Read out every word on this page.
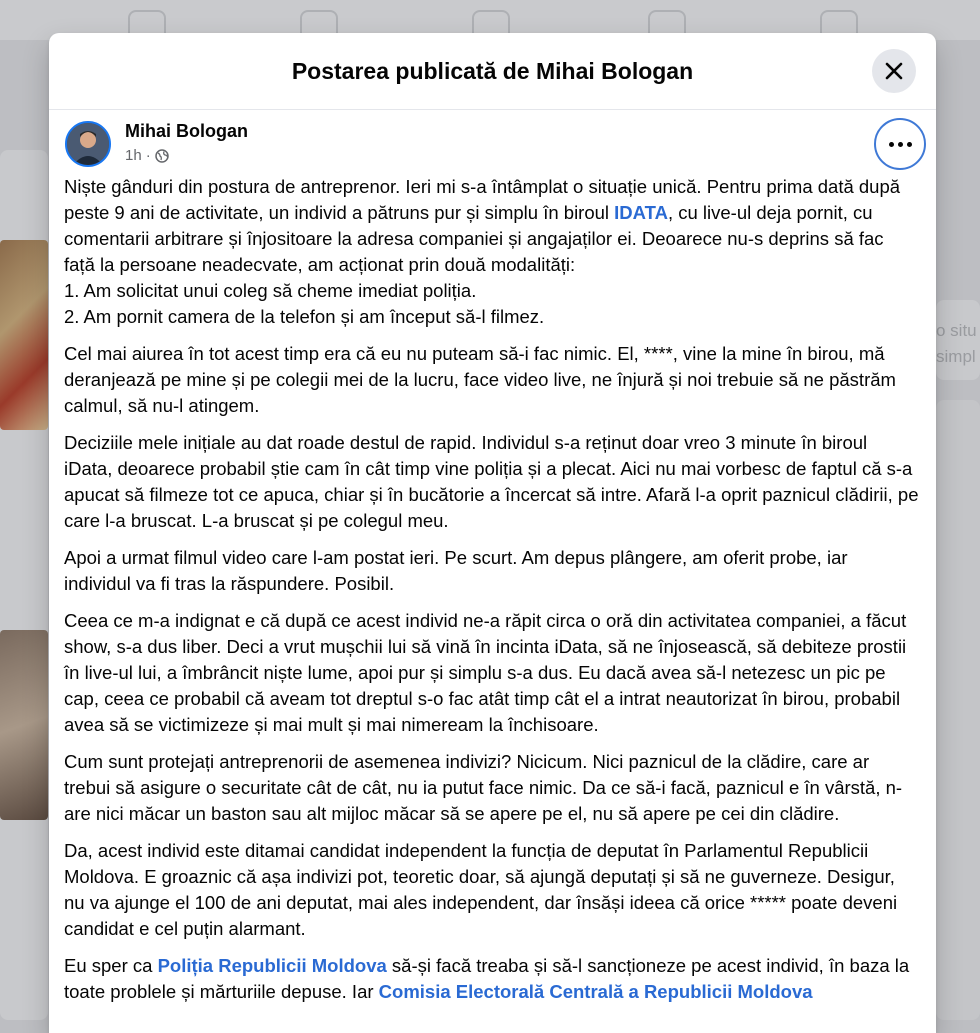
o situ
simpl
Postarea publicată de Mihai Bologan
Mihai Bologan
1h ·

Niște gânduri din postura de antreprenor. Ieri mi s-a întâmplat o situație unică. Pentru prima dată după peste 9 ani de activitate, un individ a pătruns pur și simplu în biroul IDATA, cu live-ul deja pornit, cu comentarii arbitrare și înjositoare la adresa companiei și angajaților ei. Deoarece nu-s deprins să fac față la persoane neadecvate, am acționat prin două modalități:
1. Am solicitat unui coleg să cheme imediat poliția.
2. Am pornit camera de la telefon și am început să-l filmez.

Cel mai aiurea în tot acest timp era că eu nu puteam să-i fac nimic. El, ****, vine la mine în birou, mă deranjează pe mine și pe colegii mei de la lucru, face video live, ne înjură și noi trebuie să ne păstrăm calmul, să nu-l atingem.

Deciziile mele inițiale au dat roade destul de rapid. Individul s-a reținut doar vreo 3 minute în biroul iData, deoarece probabil știe cam în cât timp vine poliția și a plecat. Aici nu mai vorbesc de faptul că s-a apucat să filmeze tot ce apuca, chiar și în bucătorie a încercat să intre. Afară l-a oprit paznicul clădirii, pe care l-a bruscat. L-a bruscat și pe colegul meu.

Apoi a urmat filmul video care l-am postat ieri. Pe scurt. Am depus plângere, am oferit probe, iar individul va fi tras la răspundere. Posibil.

Ceea ce m-a indignat e că după ce acest individ ne-a răpit circa o oră din activitatea companiei, a făcut show, s-a dus liber. Deci a vrut mușchii lui să vină în incinta iData, să ne înjosească, să debiteze prostii în live-ul lui, a îmbrâncit niște lume, apoi pur și simplu s-a dus. Eu dacă avea să-l netezesc un pic pe cap, ceea ce probabil că aveam tot dreptul s-o fac atât timp cât el a intrat neautorizat în birou, probabil avea să se victimizeze și mai mult și mai nimeream la închisoare.

Cum sunt protejați antreprenorii de asemenea indivizi? Nicicum. Nici paznicul de la clădire, care ar trebui să asigure o securitate cât de cât, nu ia putut face nimic. Da ce să-i facă, paznicul e în vârstă, n-are nici măcar un baston sau alt mijloc măcar să se apere pe el, nu să apere pe cei din clădire.

Da, acest individ este ditamai candidat independent la funcția de deputat în Parlamentul Republicii Moldova. E groaznic că așa indivizi pot, teoretic doar, să ajungă deputați și să ne guverneze. Desigur, nu va ajunge el 100 de ani deputat, mai ales independent, dar însăși ideea că orice ***** poate deveni candidat e cel puțin alarmant.

Eu sper ca Poliția Republicii Moldova să-și facă treaba și să-l sancționeze pe acest individ, în baza la toate problele și mărturiile depuse. Iar Comisia Electorală Centrală a Republicii Moldova
